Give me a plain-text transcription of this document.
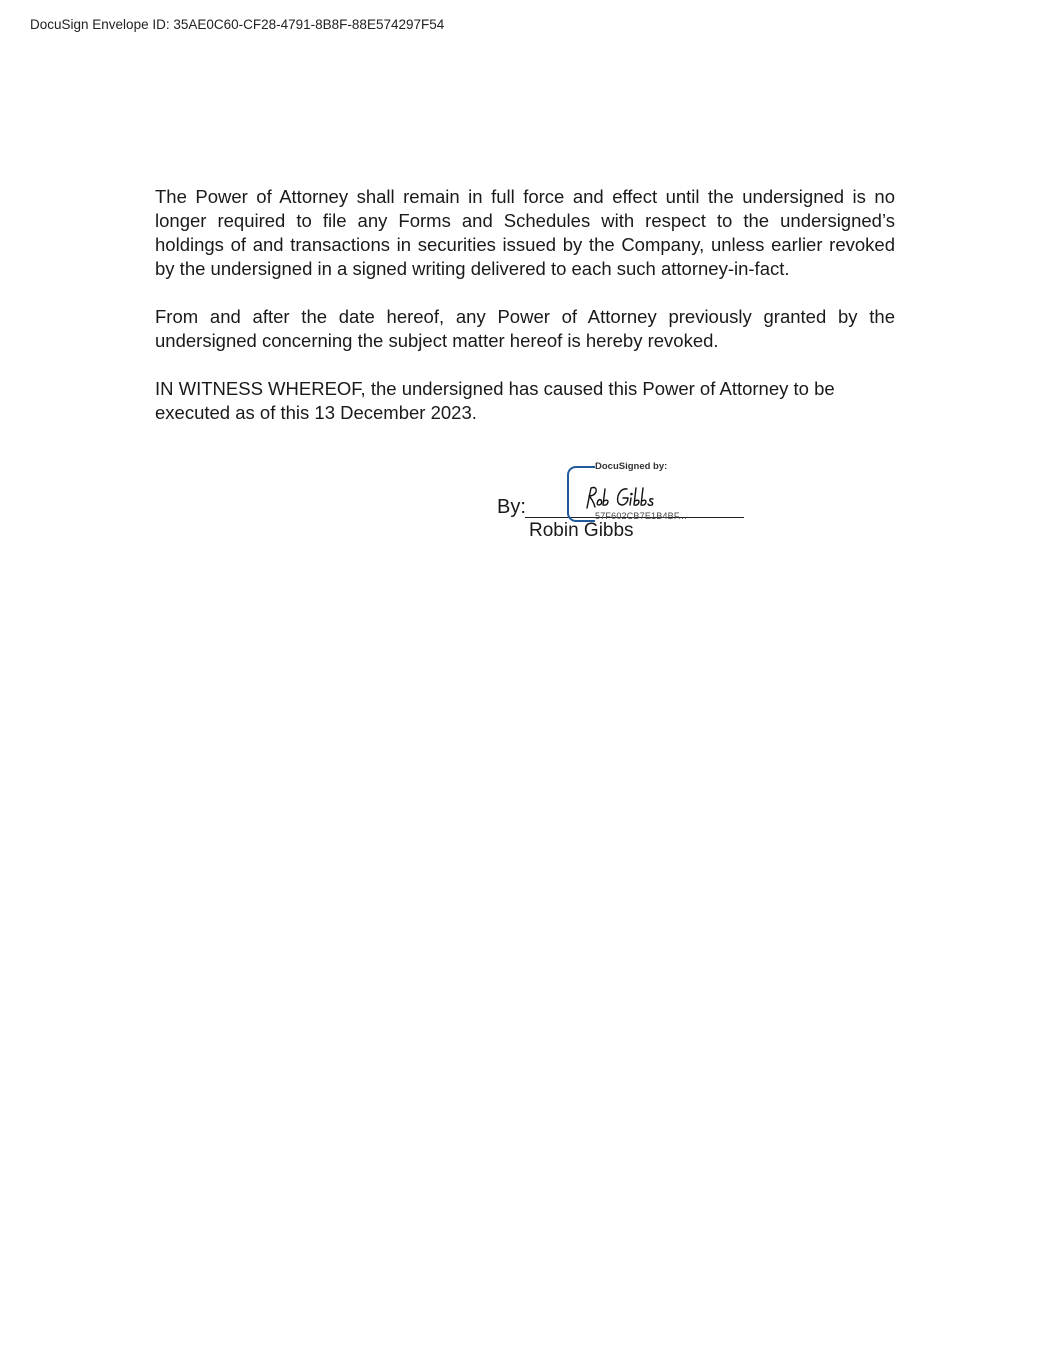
DocuSign Envelope ID: 35AE0C60-CF28-4791-8B8F-88E574297F54

The Power of Attorney shall remain in full force and effect until the undersigned is no longer required to file any Forms and Schedules with respect to the undersigned’s holdings of and transactions in securities issued by the Company, unless earlier revoked by the undersigned in a signed writing delivered to each such attorney-in-fact.

From and after the date hereof, any Power of Attorney previously granted by the undersigned concerning the subject matter hereof is hereby revoked.

IN WITNESS WHEREOF, the undersigned has caused this Power of Attorney to be executed as of this 13 December 2023.

By:
DocuSigned by:
57F602CB7E1B4BF...
Robin Gibbs
